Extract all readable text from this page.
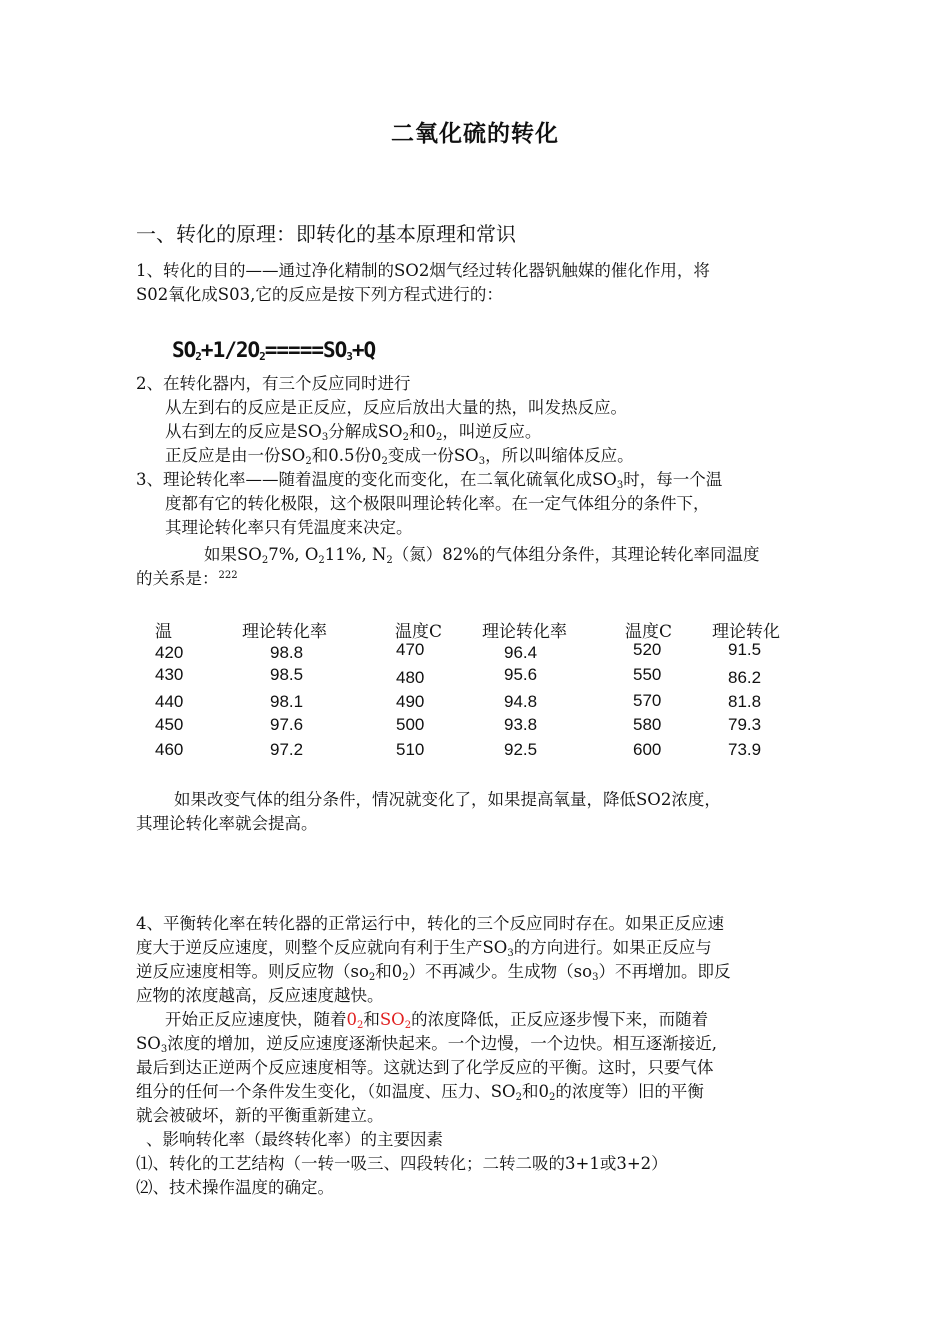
二氧化硫的转化
一、转化的原理：即转化的基本原理和常识
1、转化的目的——通过净化精制的SO2烟气经过转化器钒触媒的催化作用，将
S02氧化成S03,它的反应是按下列方程式进行的：
$SO_2+1/2O_2=====SO_3+Q$
2、在转化器内，有三个反应同时进行
从左到右的反应是正反应，反应后放出大量的热，叫发热反应。
从右到左的反应是$SO_3$分解成$SO_2$和$0_2$，叫逆反应。
正反应是由一份$SO_2$和0.5份$0_2$变成一份$SO_3$，所以叫缩体反应。
3、理论转化率——随着温度的变化而变化，在二氧化硫氧化成$SO_3$时，每一个温
度都有它的转化极限，这个极限叫理论转化率。在一定气体组分的条件下，
其理论转化率只有凭温度来决定。
如果$SO_27\%$, $O_211\%$, $N_2$（氮）82%的气体组分条件，其理论转化率同温度
的关系是：$^{222}$
温	理论转化率	温度C 理论转化率	温度C 理论转化
420	98.8	470	96.4	520	91.5
430	98.5	480	95.6	550	86.2
440	98.1	490	94.8	570	81.8
450	97.6	500	93.8	580	79.3
460	97.2	510	92.5	600	73.9
如果改变气体的组分条件，情况就变化了，如果提高氧量，降低SO2浓度，
其理论转化率就会提高。
4、平衡转化率在转化器的正常运行中，转化的三个反应同时存在。如果正反应速
度大于逆反应速度，则整个反应就向有利于生产$SO_3$的方向进行。如果正反应与
逆反应速度相等。则反应物（$so_2$和$0_2$）不再减少。生成物$(so_3)$不再增加。即反
应物的浓度越高，反应速度越快。
开始正反应速度快，随着$0_2$和$SO_2$的浓度降低，正反应逐步慢下来，而随着
$SO_3$浓度的增加，逆反应速度逐渐快起来。一个边慢，一个边快。相互逐渐接近,
最后到达正逆两个反应速度相等。这就达到了化学反应的平衡。这时，只要气体
组分的任何一个条件发生变化，（如温度、压力、$SO_2$和$0_2$的浓度等）旧的平衡
就会被破坏，新的平衡重新建立。
、影响转化率（最终转化率）的主要因素
⑴、转化的工艺结构（一转一吸三、四段转化；二转二吸的3+1或3+2）
⑵、技术操作温度的确定。
